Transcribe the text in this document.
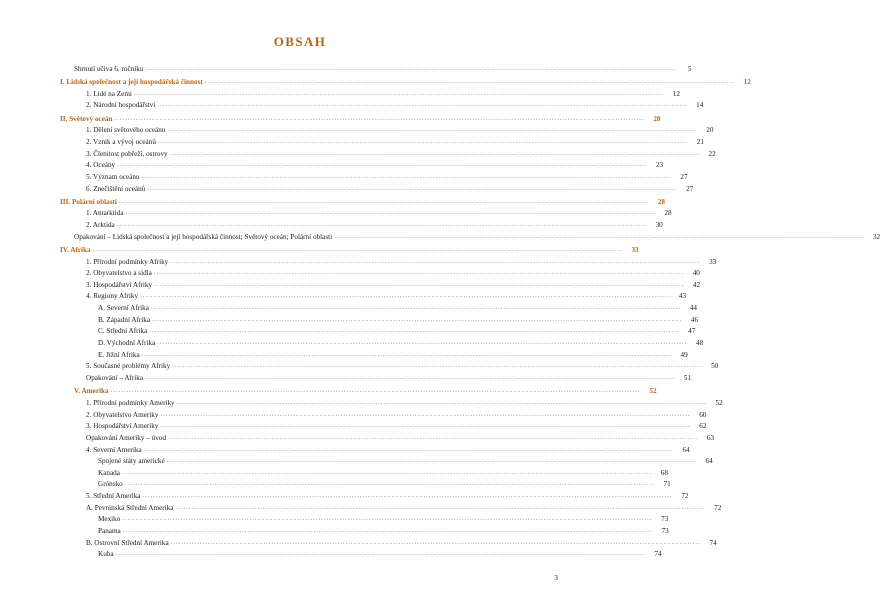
OBSAH
Shrnutí učiva 6. ročníku ........................................................................................................................................................................................................	5
I. Lidská společnost a její hospodářská činnost ........................................................................................................................................................................................................	12
1. Lidé na Zemi ........................................................................................................................................................................................................	12
2. Národní hospodářství ........................................................................................................................................................................................................	14
II. Světový oceán ........................................................................................................................................................................................................	20
1. Dělení světového oceánu ........................................................................................................................................................................................................	20
2. Vznik a vývoj oceánů ........................................................................................................................................................................................................	21
3. Členitost pobřeží, ostrovy ........................................................................................................................................................................................................	22
4. Oceány ........................................................................................................................................................................................................	23
5. Význam oceánu ........................................................................................................................................................................................................	27
6. Znečištění oceánů ........................................................................................................................................................................................................	27
III. Polární oblasti ........................................................................................................................................................................................................	28
1. Antarktida ........................................................................................................................................................................................................	28
2. Arktida ........................................................................................................................................................................................................	30
Opakování – Lidská společnost a její hospodářská činnost; Světový oceán; Polární oblasti ........................................................................................................................................................................................................	32
IV. Afrika ........................................................................................................................................................................................................	33
1. Přírodní podmínky Afriky ........................................................................................................................................................................................................	33
2. Obyvatelstvo a sídla ........................................................................................................................................................................................................	40
3. Hospodářství Afriky ........................................................................................................................................................................................................	42
4. Regiony Afriky ........................................................................................................................................................................................................	43
A. Severní Afrika ........................................................................................................................................................................................................	44
B. Západní Afrika ........................................................................................................................................................................................................	46
C. Střední Afrika ........................................................................................................................................................................................................	47
D. Východní Afrika ........................................................................................................................................................................................................	48
E. Jižní Afrika ........................................................................................................................................................................................................	49
5. Současné problémy Afriky ........................................................................................................................................................................................................	50
Opakování – Afrika ........................................................................................................................................................................................................	51
V. Amerika ........................................................................................................................................................................................................	52
1. Přírodní podmínky Ameriky ........................................................................................................................................................................................................	52
2. Obyvatelstvo Ameriky ........................................................................................................................................................................................................	60
3. Hospodářství Ameriky ........................................................................................................................................................................................................	62
Opakování Ameriky – úvod ........................................................................................................................................................................................................	63
4. Severní Amerika ........................................................................................................................................................................................................	64
Spojené státy americké ........................................................................................................................................................................................................	64
Kanada ........................................................................................................................................................................................................	68
Grónsko ........................................................................................................................................................................................................	71
5. Střední Amerika ........................................................................................................................................................................................................	72
A. Pevninská Střední Amerika ........................................................................................................................................................................................................	72
Mexiko ........................................................................................................................................................................................................	73
Panama ........................................................................................................................................................................................................	73
B. Ostrovní Střední Amerika ........................................................................................................................................................................................................	74
Kuba ........................................................................................................................................................................................................	74
3
